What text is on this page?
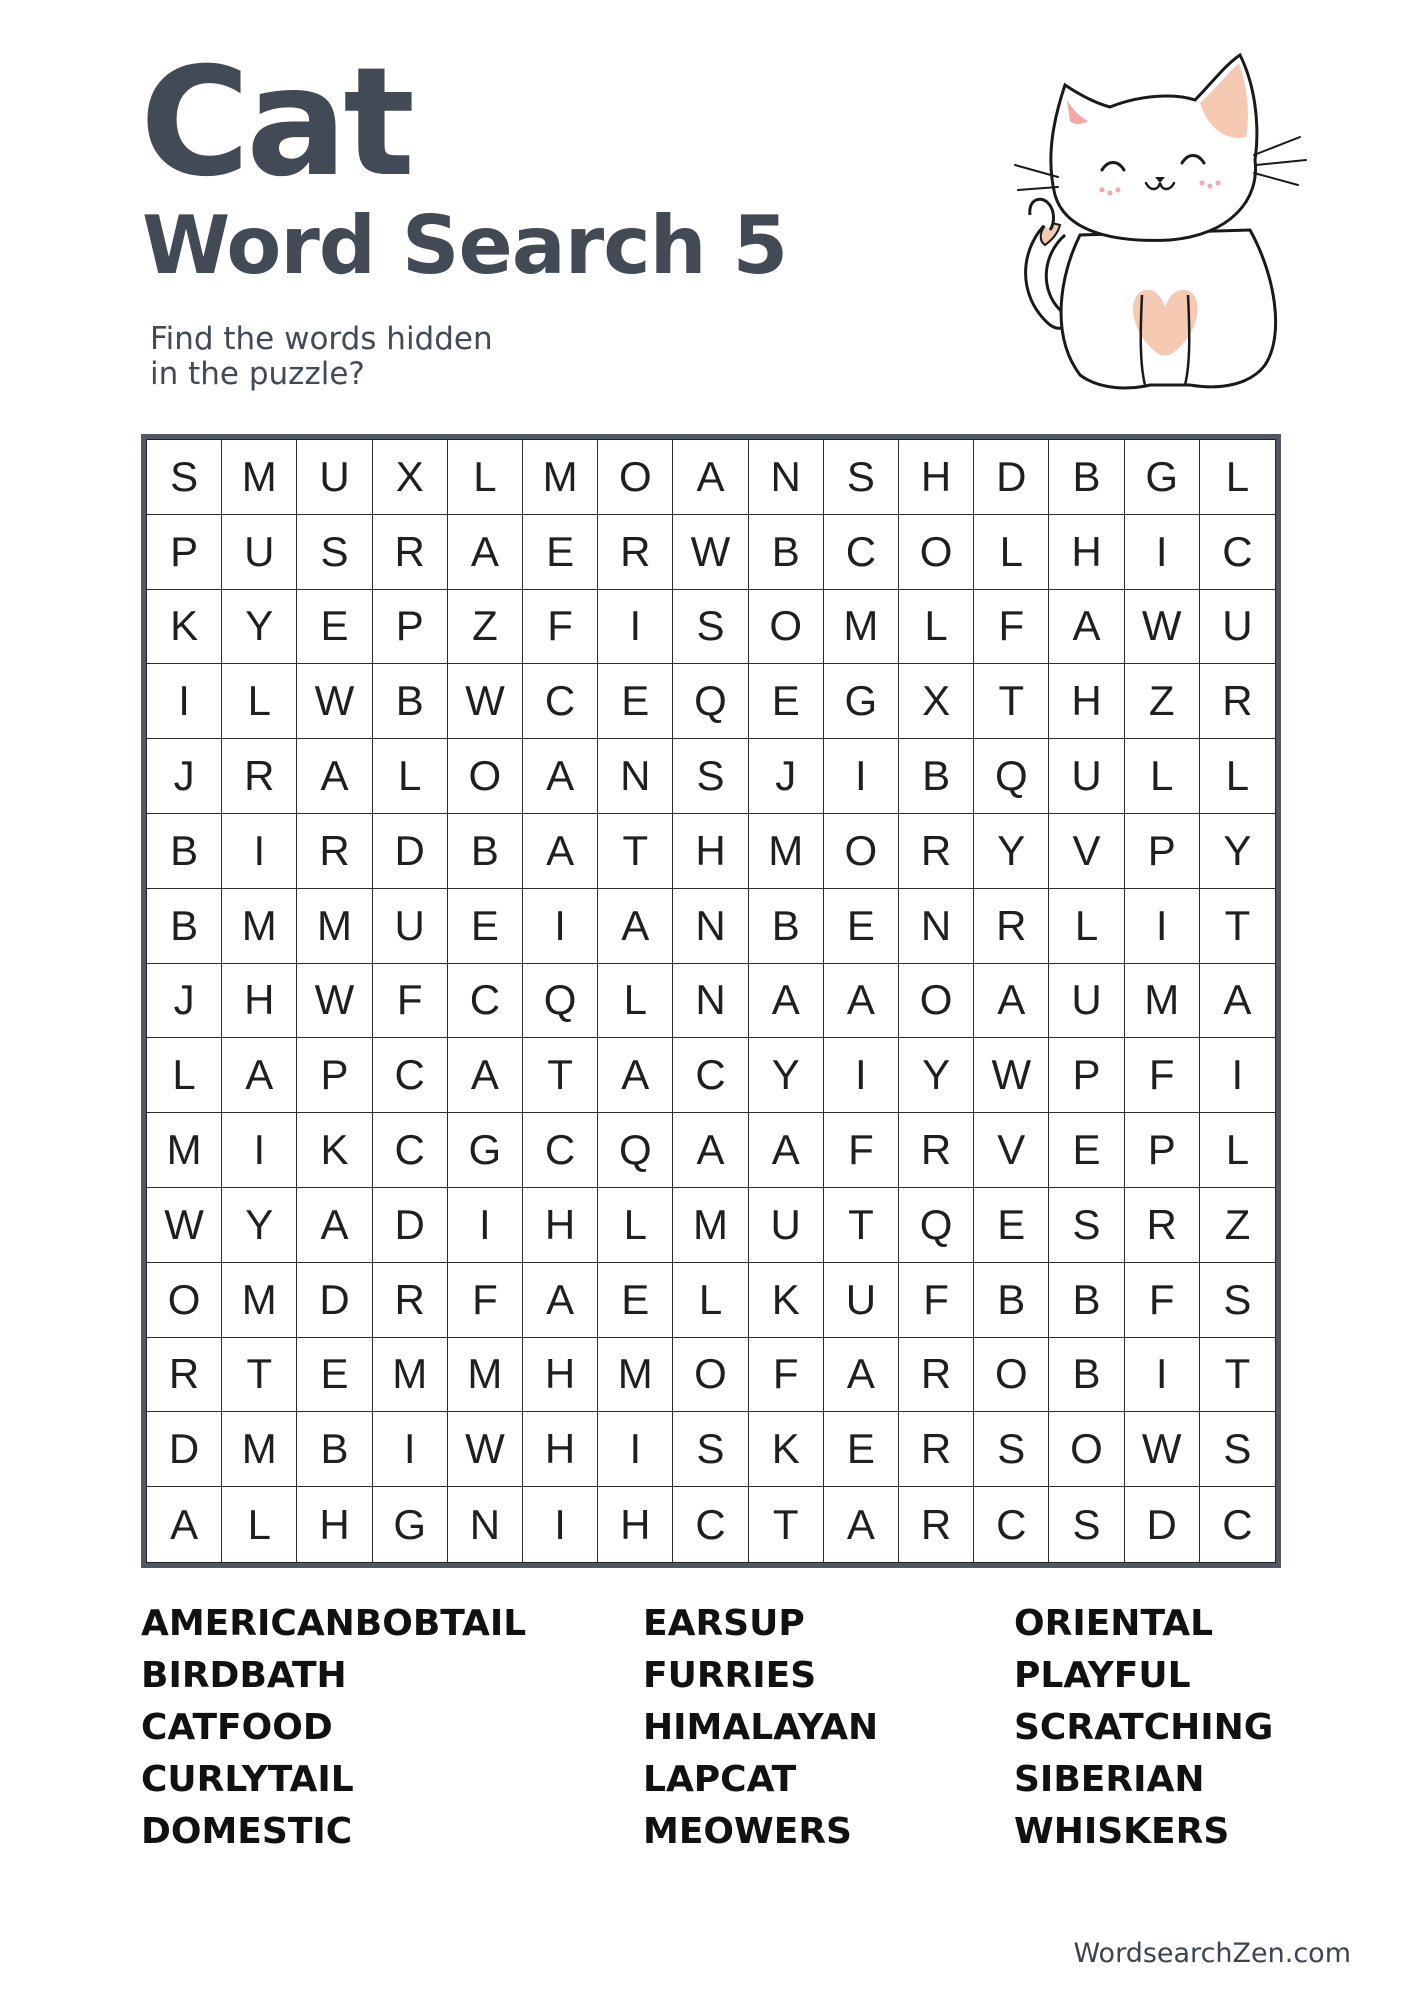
Cat
Word Search 5
Find the words hidden
in the puzzle?
S	M	U	X	L	M O	A	N	S	H	D	B	G	L
P	U	S	R	A	E	R W B	C	O	L	H	I	C
K	Y	E	P	Z	F	I	S	O M	L	F	A W U
I	L	W B W C	E	Q	E	G	X	T	H	Z	R
J	R	A	L	O	A	N	S	J	I	B	Q	U	L	L
B	I	R	D	B	A	T	H	M O	R	Y	V	P	Y
B	M M	U	E	I	A	N	B	E	N	R	L	I	T
J	H W	F	C	Q	L	N	A	A	O	A	U	M	A
L	A	P	C	A	T	A	C	Y	I	Y W P	F	I
M	I	K	C	G	C	Q	A	A	F	R	V	E	P	L
W Y	A	D	I	H	L	M	U	T	Q	E	S	R	Z
O M	D	R	F	A	E	L	K	U	F	B	B	F	S
R	T	E	M M	H	M O	F	A	R	O	B	I	T
D	M	B	I	W H	I	S	K	E	R	S	O W S
A	L	H	G	N	I	H	C	T	A	R	C	S	D	C
AMERICANBOBTAIL
BIRDBATH
CATFOOD
CURLYTAIL
DOMESTIC
EARSUP
FURRIES
HIMALAYAN
LAPCAT
MEOWERS
ORIENTAL
PLAYFUL
SCRATCHING
SIBERIAN
WHISKERS
WordsearchZen.com
